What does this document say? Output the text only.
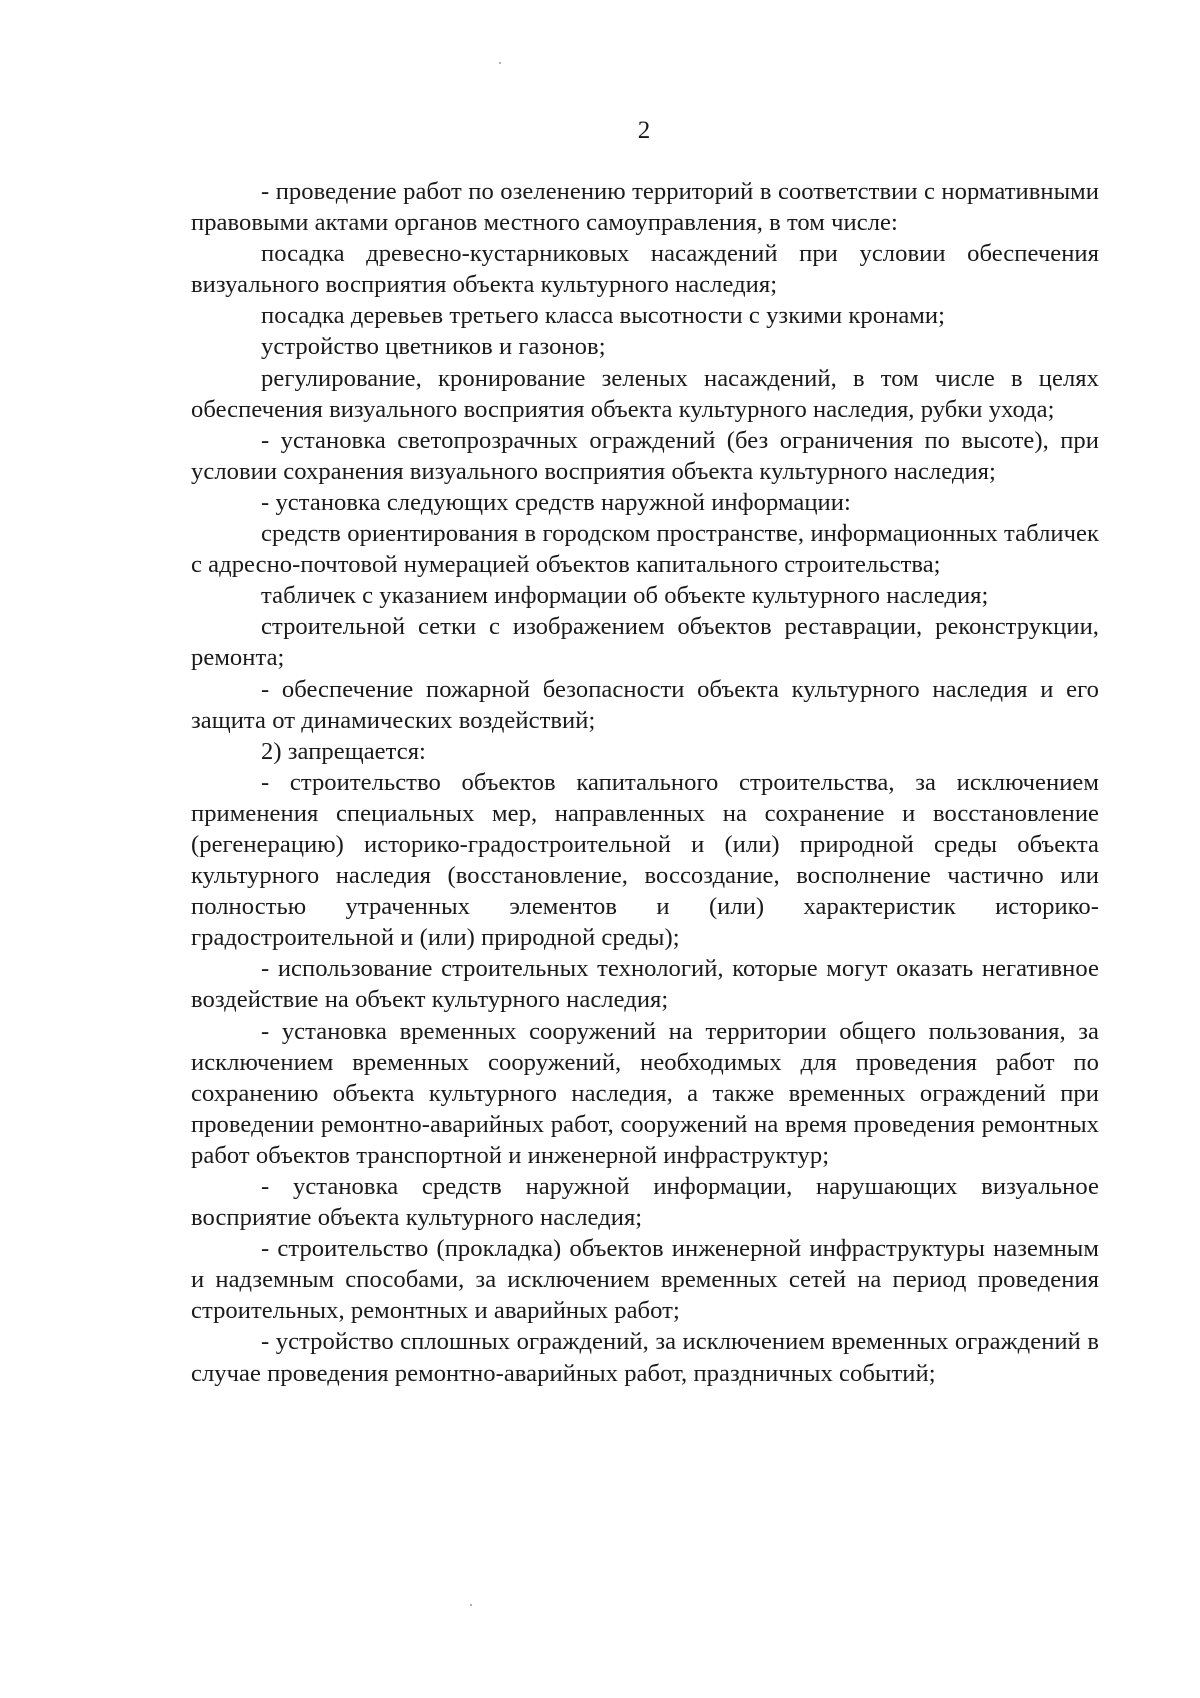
2

- проведение работ по озеленению территорий в соответствии с нормативными правовыми актами органов местного самоуправления, в том числе:

посадка древесно-кустарниковых насаждений при условии обеспечения визуального восприятия объекта культурного наследия;

посадка деревьев третьего класса высотности с узкими кронами;

устройство цветников и газонов;

регулирование, кронирование зеленых насаждений, в том числе в целях обеспечения визуального восприятия объекта культурного наследия, рубки ухода;

- установка светопрозрачных ограждений (без ограничения по высоте), при условии сохранения визуального восприятия объекта культурного наследия;

- установка следующих средств наружной информации:

средств ориентирования в городском пространстве, информационных табличек с адресно-почтовой нумерацией объектов капитального строительства;

табличек с указанием информации об объекте культурного наследия;

строительной сетки с изображением объектов реставрации, реконструкции, ремонта;

- обеспечение пожарной безопасности объекта культурного наследия и его защита от динамических воздействий;

2) запрещается:

- строительство объектов капитального строительства, за исключением применения специальных мер, направленных на сохранение и восстановление (регенерацию) историко-градостроительной и (или) природной среды объекта культурного наследия (восстановление, воссоздание, восполнение частично или полностью утраченных элементов и (или) характеристик историко-градостроительной и (или) природной среды);

- использование строительных технологий, которые могут оказать негативное воздействие на объект культурного наследия;

- установка временных сооружений на территории общего пользования, за исключением временных сооружений, необходимых для проведения работ по сохранению объекта культурного наследия, а также временных ограждений при проведении ремонтно-аварийных работ, сооружений на время проведения ремонтных работ объектов транспортной и инженерной инфраструктур;

- установка средств наружной информации, нарушающих визуальное восприятие объекта культурного наследия;

- строительство (прокладка) объектов инженерной инфраструктуры наземным и надземным способами, за исключением временных сетей на период проведения строительных, ремонтных и аварийных работ;

- устройство сплошных ограждений, за исключением временных ограждений в случае проведения ремонтно-аварийных работ, праздничных событий;
